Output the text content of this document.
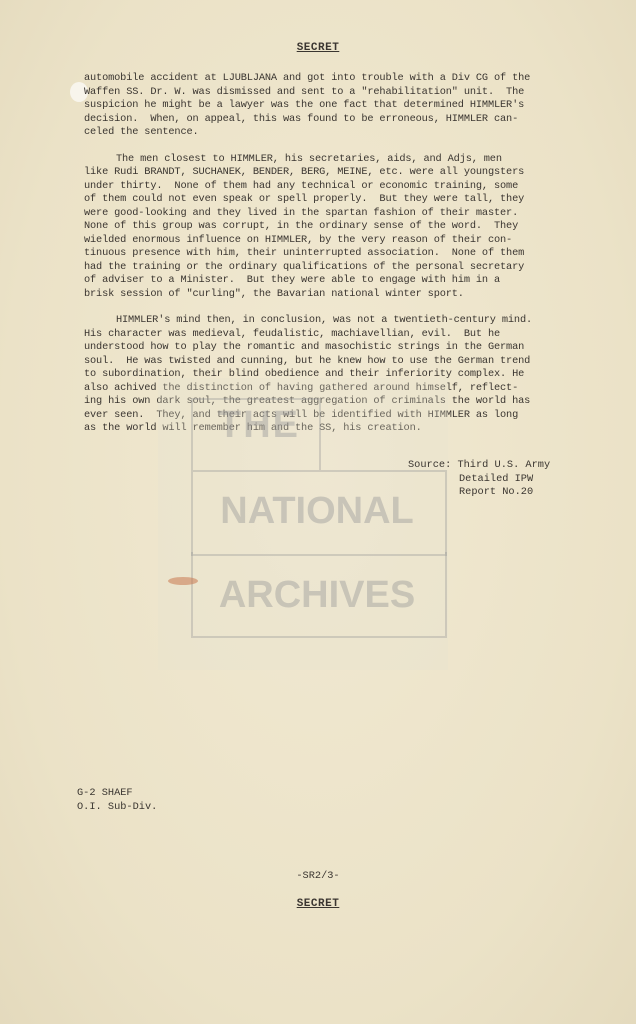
SECRET
automobile accident at LJUBLJANA and got into trouble with a Div CG of the
Waffen SS. Dr. W. was dismissed and sent to a "rehabilitation" unit.  The
suspicion he might be a lawyer was the one fact that determined HIMMLER's
decision.  When, on appeal, this was found to be erroneous, HIMMLER can-
celed the sentence.
The men closest to HIMMLER, his secretaries, aids, and Adjs, men
like Rudi BRANDT, SUCHANEK, BENDER, BERG, MEINE, etc. were all youngsters
under thirty.  None of them had any technical or economic training, some
of them could not even speak or spell properly.  But they were tall, they
were good-looking and they lived in the spartan fashion of their master.
None of this group was corrupt, in the ordinary sense of the word.  They
wielded enormous influence on HIMMLER, by the very reason of their con-
tinuous presence with him, their uninterrupted association.  None of them
had the training or the ordinary qualifications of the personal secretary
of adviser to a Minister.  But they were able to engage with him in a
brisk session of "curling", the Bavarian national winter sport.
HIMMLER's mind then, in conclusion, was not a twentieth-century mind.
His character was medieval, feudalistic, machiavellian, evil.  But he
understood how to play the romantic and masochistic strings in the German
soul.  He was twisted and cunning, but he knew how to use the German trend
to subordination, their blind obedience and their inferiority complex. He
also achived the distinction of having gathered around himself, reflect-
ing his own dark soul, the greatest aggregation of criminals the world has
ever seen.  They, and their acts will be identified with HIMMLER as long
as the world will remember him and the SS, his creation.
THE
NATIONAL
ARCHIVES
Source: Third U.S. Army
Detailed IPW
Report No.20
G-2 SHAEF
O.I. Sub-Div.
-SR2/3-
SECRET
